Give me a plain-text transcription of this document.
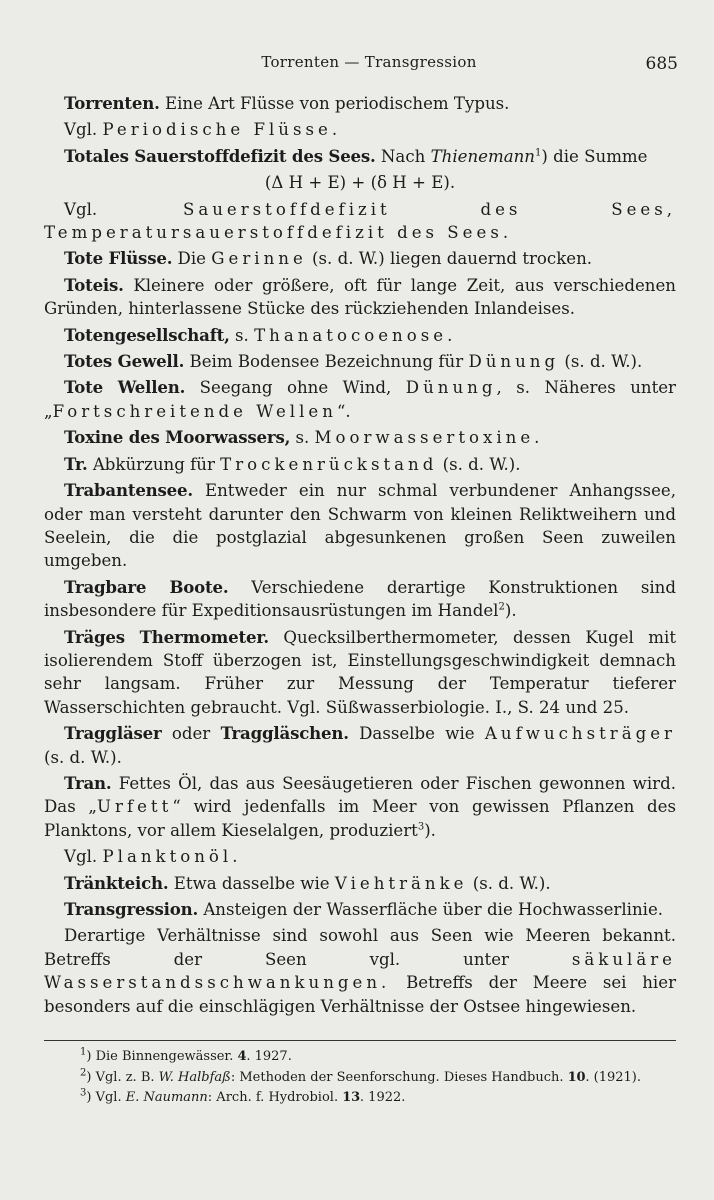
Torrenten — Transgression	685

Torrenten. Eine Art Flüsse von periodischem Typus.

Vgl. Periodische Flüsse.

Totales Sauerstoffdefizit des Sees. Nach Thienemann$^1$) die Summe

(Δ H + E) + (δ H + E).

Vgl. Sauerstoffdefizit des Sees, Temperatursauerstoffdefizit des Sees.

Tote Flüsse. Die Gerinne (s. d. W.) liegen dauernd trocken.

Toteis. Kleinere oder größere, oft für lange Zeit, aus verschiedenen Gründen, hinterlassene Stücke des rückziehenden Inlandeises.

Totengesellschaft, s. Thanatocoenose.

Totes Gewell. Beim Bodensee Bezeichnung für Dünung (s. d. W.).

Tote Wellen. Seegang ohne Wind, Dünung, s. Näheres unter „Fortschreitende Wellen“.

Toxine des Moorwassers, s. Moorwassertoxine.

Tr. Abkürzung für Trockenrückstand (s. d. W.).

Trabantensee. Entweder ein nur schmal verbundener Anhangssee, oder man versteht darunter den Schwarm von kleinen Reliktweihern und Seelein, die die postglazial abgesunkenen großen Seen zuweilen umgeben.

Tragbare Boote. Verschiedene derartige Konstruktionen sind insbesondere für Expeditionsausrüstungen im Handel$^2$).

Träges Thermometer. Quecksilberthermometer, dessen Kugel mit isolierendem Stoff überzogen ist, Einstellungsgeschwindigkeit demnach sehr langsam. Früher zur Messung der Temperatur tieferer Wasserschichten gebraucht. Vgl. Süßwasserbiologie. I., S. 24 und 25.

Traggläser oder Traggläschen. Dasselbe wie Aufwuchsträger (s. d. W.).

Tran. Fettes Öl, das aus Seesäugetieren oder Fischen gewonnen wird. Das „Urfett“ wird jedenfalls im Meer von gewissen Pflanzen des Planktons, vor allem Kieselalgen, produziert$^3$).

Vgl. Planktonöl.

Tränkteich. Etwa dasselbe wie Viehtränke (s. d. W.).

Transgression. Ansteigen der Wasserfläche über die Hochwasserlinie.

Derartige Verhältnisse sind sowohl aus Seen wie Meeren bekannt. Betreffs der Seen vgl. unter säkuläre Wasserstandsschwankungen. Betreffs der Meere sei hier besonders auf die einschlägigen Verhältnisse der Ostsee hingewiesen.

$^1$) Die Binnengewässer. 4. 1927.

$^2$) Vgl. z. B. W. Halbfaß: Methoden der Seenforschung. Dieses Handbuch. 10. (1921).

$^3$) Vgl. E. Naumann: Arch. f. Hydrobiol. 13. 1922.
